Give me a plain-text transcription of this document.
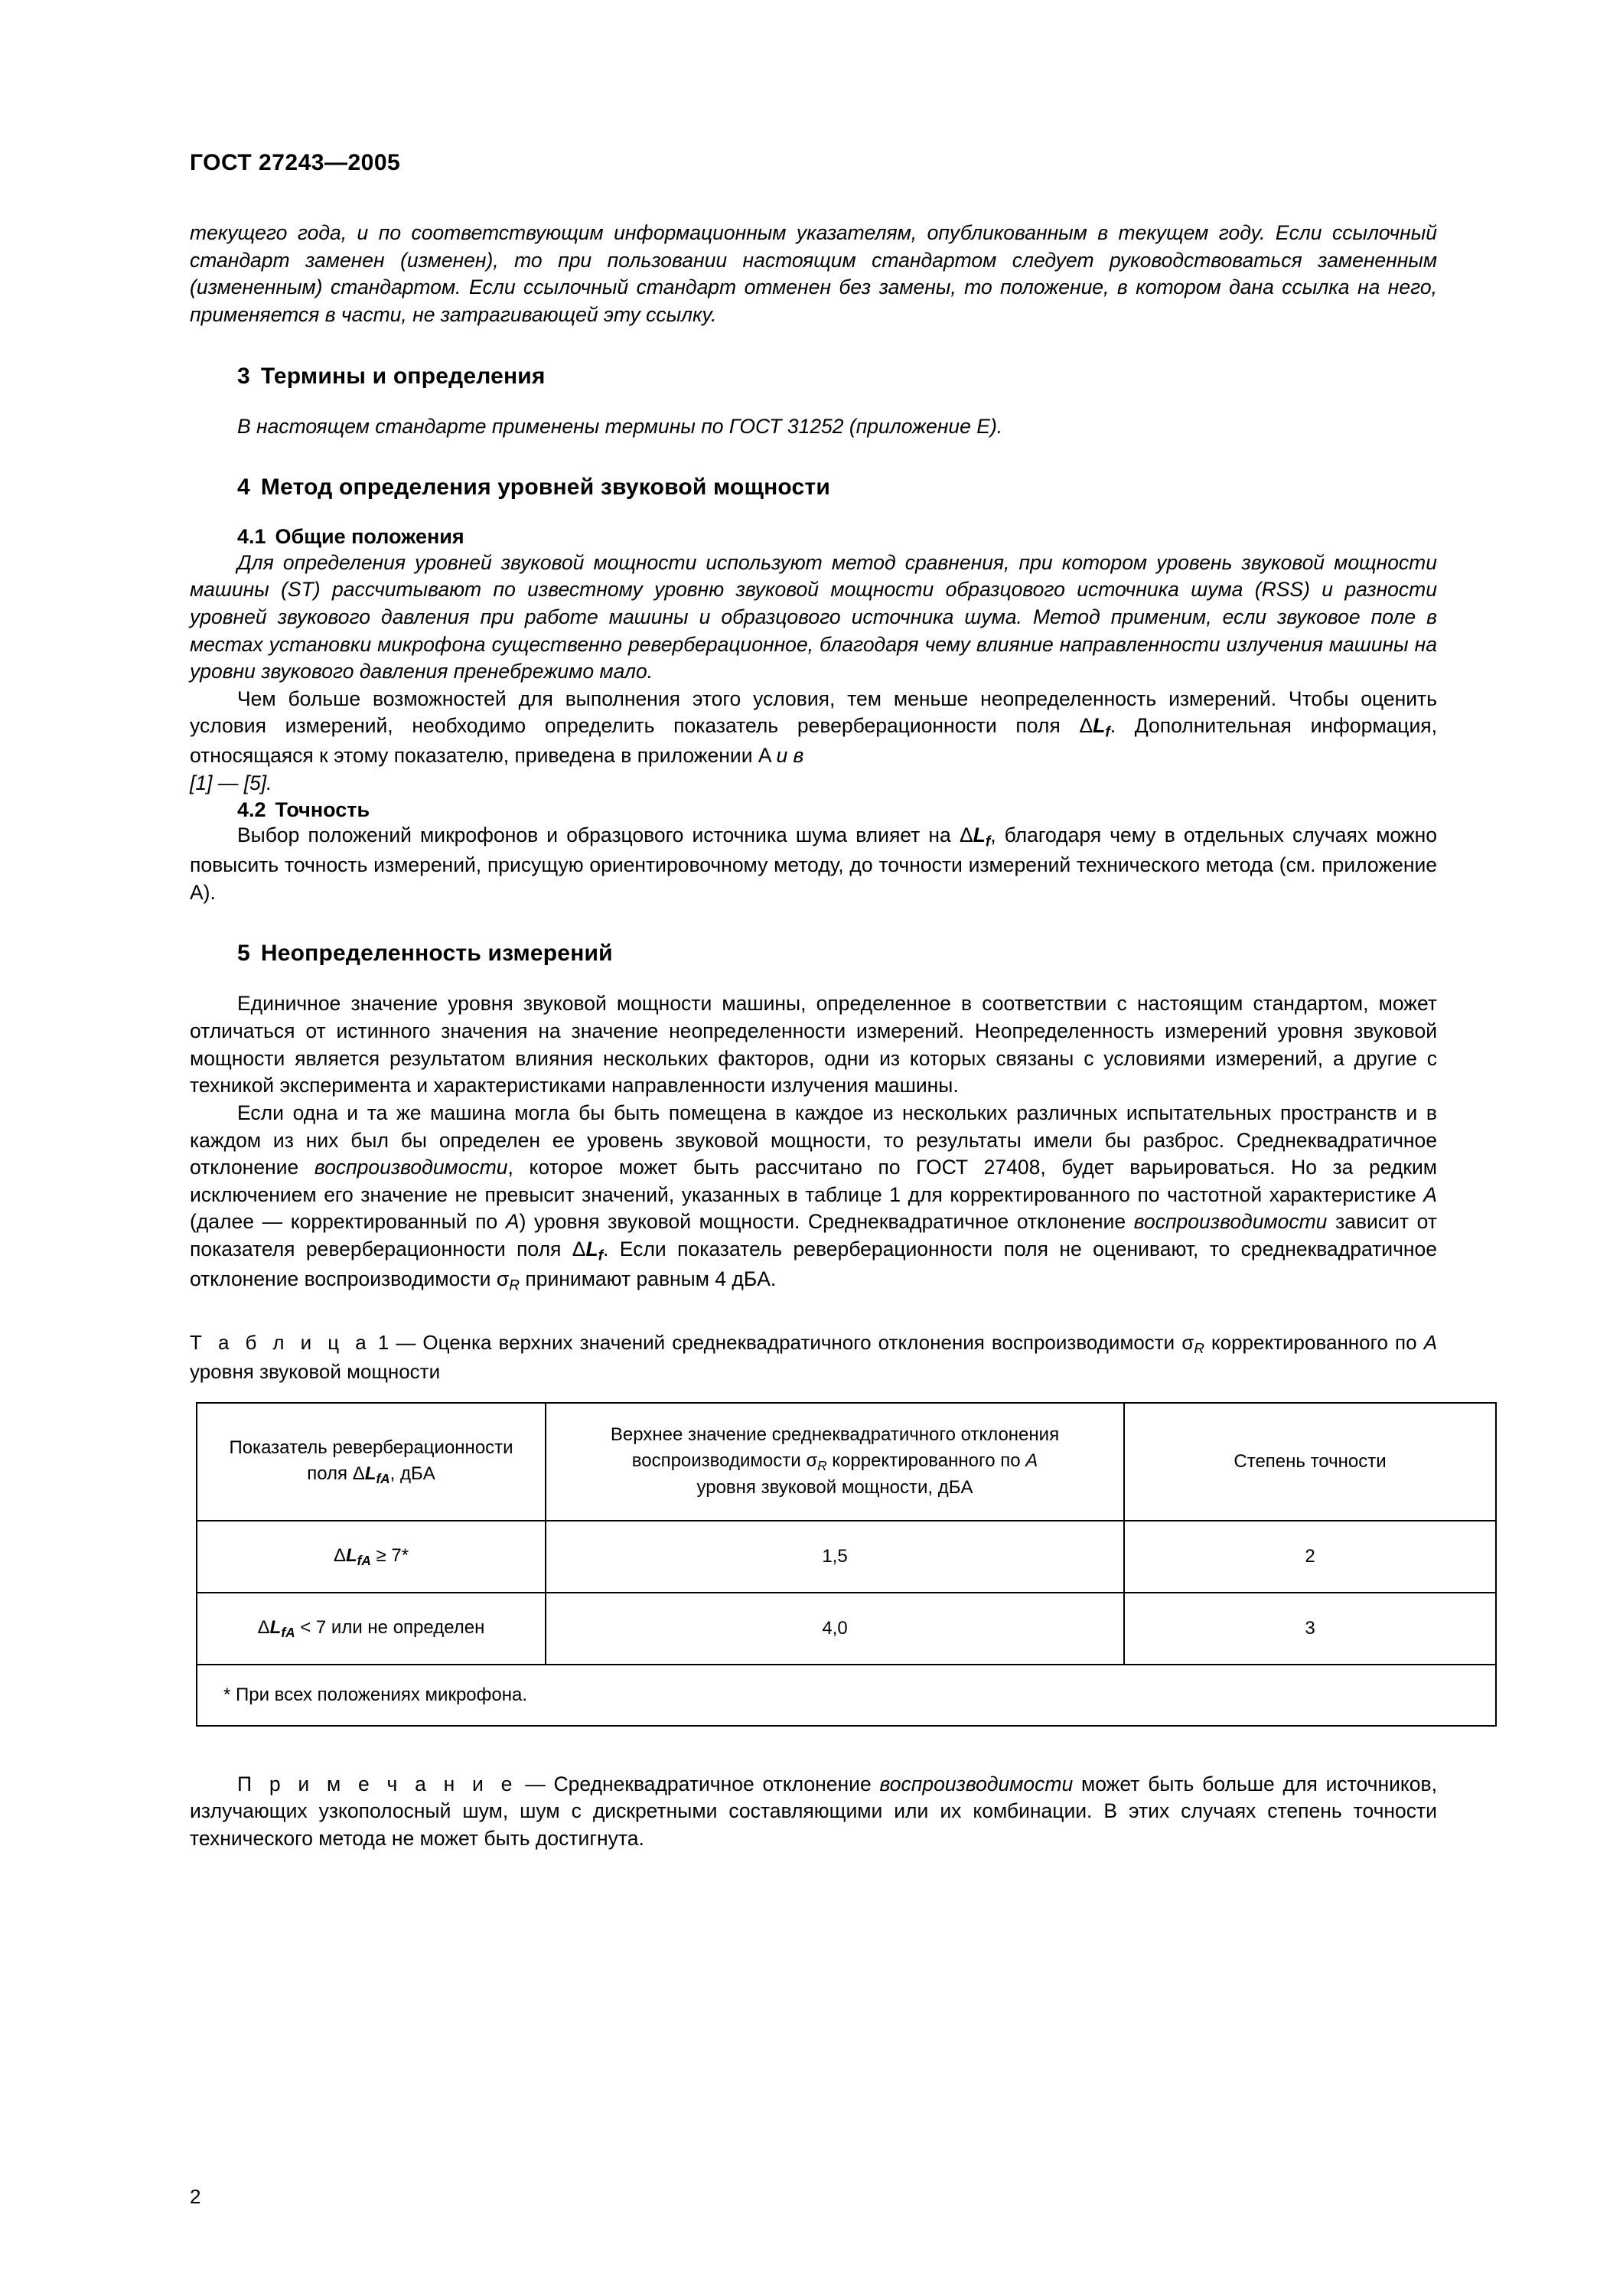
ГОСТ 27243—2005

текущего года, и по соответствующим информационным указателям, опубликованным в текущем году. Если ссылочный стандарт заменен (изменен), то при пользовании настоящим стандартом следует руководствоваться замененным (измененным) стандартом. Если ссылочный стандарт отменен без замены, то положение, в котором дана ссылка на него, применяется в части, не затрагивающей эту ссылку.

3 Термины и определения

В настоящем стандарте применены термины по ГОСТ 31252 (приложение Е).

4 Метод определения уровней звуковой мощности
4.1 Общие положения

Для определения уровней звуковой мощности используют метод сравнения, при котором уровень звуковой мощности машины (ST) рассчитывают по известному уровню звуковой мощности образцового источника шума (RSS) и разности уровней звукового давления при работе машины и образцового источника шума. Метод применим, если звуковое поле в местах установки микрофона существенно реверберационное, благодаря чему влияние направленности излучения машины на уровни звукового давления пренебрежимо мало.

Чем больше возможностей для выполнения этого условия, тем меньше неопределенность измерений. Чтобы оценить условия измерений, необходимо определить показатель реверберационности поля $\Delta L_f$. Дополнительная информация, относящаяся к этому показателю, приведена в приложении A и в

[1] — [5].

4.2 Точность

Выбор положений микрофонов и образцового источника шума влияет на $\Delta L_f$, благодаря чему в отдельных случаях можно повысить точность измерений, присущую ориентировочному методу, до точности измерений технического метода (см. приложение A).

5 Неопределенность измерений

Единичное значение уровня звуковой мощности машины, определенное в соответствии с настоящим стандартом, может отличаться от истинного значения на значение неопределенности измерений. Неопределенность измерений уровня звуковой мощности является результатом влияния нескольких факторов, одни из которых связаны с условиями измерений, а другие с техникой эксперимента и характеристиками направленности излучения машины.

Если одна и та же машина могла бы быть помещена в каждое из нескольких различных испытательных пространств и в каждом из них был бы определен ее уровень звуковой мощности, то результаты имели бы разброс. Среднеквадратичное отклонение воспроизводимости, которое может быть рассчитано по ГОСТ 27408, будет варьироваться. Но за редким исключением его значение не превысит значений, указанных в таблице 1 для корректированного по частотной характеристике A (далее — корректированный по A) уровня звуковой мощности. Среднеквадратичное отклонение воспроизводимости зависит от показателя реверберационности поля $\Delta L_f$. Если показатель реверберационности поля не оценивают, то среднеквадратичное отклонение воспроизводимости $\sigma_R$ принимают равным 4 дБA.

Т а б л и ц а 1 — Оценка верхних значений среднеквадратичного отклонения воспроизводимости $\sigma_R$ корректированного по A уровня звуковой мощности

Показатель реверберационности
поля $\Delta L_{fA}$, дБA	Верхнее значение среднеквадратичного отклонения
воспроизводимости $\sigma_R$ корректированного по A
уровня звуковой мощности, дБA	Степень точности
$\Delta L_{fA} \ge 7*$	1,5	2
$\Delta L_{fA} < 7$ или не определен	4,0	3
* При всех положениях микрофона.		

П р и м е ч а н и е — Среднеквадратичное отклонение воспроизводимости может быть больше для источников, излучающих узкополосный шум, шум с дискретными составляющими или их комбинации. В этих случаях степень точности технического метода не может быть достигнута.

2
